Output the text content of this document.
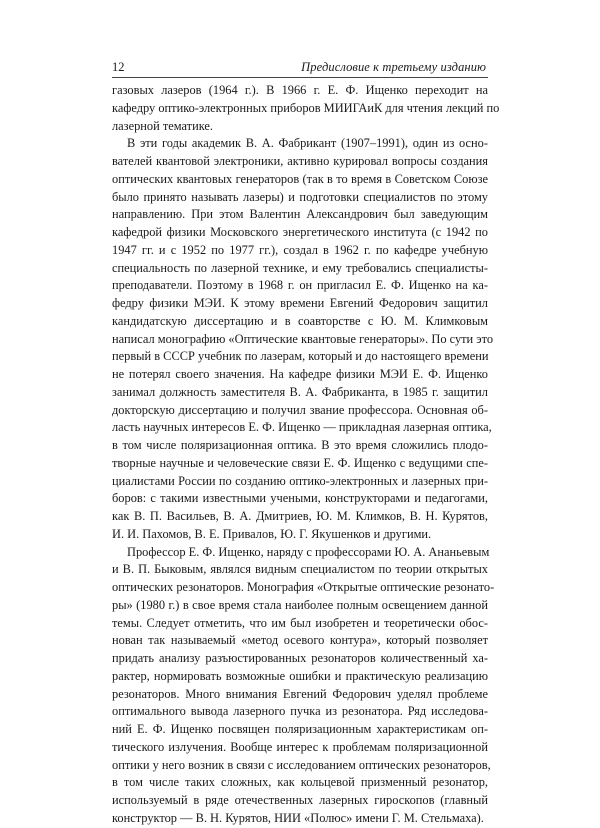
12	Предисловие к третьему изданию
газовых лазеров (1964 г.). В 1966 г. Е. Ф. Ищенко переходит на
кафедру оптико-электронных приборов МИИГАиК для чтения лекций по
лазерной тематике.
В эти годы академик В. А. Фабрикант (1907–1991), один из осно-
вателей квантовой электроники, активно курировал вопросы создания
оптических квантовых генераторов (так в то время в Советском Союзе
было принято называть лазеры) и подготовки специалистов по этому
направлению. При этом Валентин Александрович был заведующим
кафедрой физики Московского энергетического института (с 1942 по
1947 гг. и с 1952 по 1977 гг.), создал в 1962 г. по кафедре учебную
специальность по лазерной технике, и ему требовались специалисты-
преподаватели. Поэтому в 1968 г. он пригласил Е. Ф. Ищенко на ка-
федру физики МЭИ. К этому времени Евгений Федорович защитил
кандидатскую диссертацию и в соавторстве с Ю. М. Климковым
написал монографию «Оптические квантовые генераторы». По сути это
первый в СССР учебник по лазерам, который и до настоящего времени
не потерял своего значения. На кафедре физики МЭИ Е. Ф. Ищенко
занимал должность заместителя В. А. Фабриканта, в 1985 г. защитил
докторскую диссертацию и получил звание профессора. Основная об-
ласть научных интересов Е. Ф. Ищенко — прикладная лазерная оптика,
в том числе поляризационная оптика. В это время сложились плодо-
творные научные и человеческие связи Е. Ф. Ищенко с ведущими спе-
циалистами России по созданию оптико-электронных и лазерных при-
боров: с такими известными учеными, конструкторами и педагогами,
как В. П. Васильев, В. А. Дмитриев, Ю. М. Климков, В. Н. Курятов,
И. И. Пахомов, В. Е. Привалов, Ю. Г. Якушенков и другими.
Профессор Е. Ф. Ищенко, наряду с профессорами Ю. А. Ананьевым
и В. П. Быковым, являлся видным специалистом по теории открытых
оптических резонаторов. Монография «Открытые оптические резонато-
ры» (1980 г.) в свое время стала наиболее полным освещением данной
темы. Следует отметить, что им был изобретен и теоретически обос-
нован так называемый «метод осевого контура», который позволяет
придать анализу разъюстированных резонаторов количественный ха-
рактер, нормировать возможные ошибки и практическую реализацию
резонаторов. Много внимания Евгений Федорович уделял проблеме
оптимального вывода лазерного пучка из резонатора. Ряд исследова-
ний Е. Ф. Ищенко посвящен поляризационным характеристикам оп-
тического излучения. Вообще интерес к проблемам поляризационной
оптики у него возник в связи с исследованием оптических резонаторов,
в том числе таких сложных, как кольцевой призменный резонатор,
используемый в ряде отечественных лазерных гироскопов (главный
конструктор — В. Н. Курятов, НИИ «Полюс» имени Г. М. Стельмаха).
